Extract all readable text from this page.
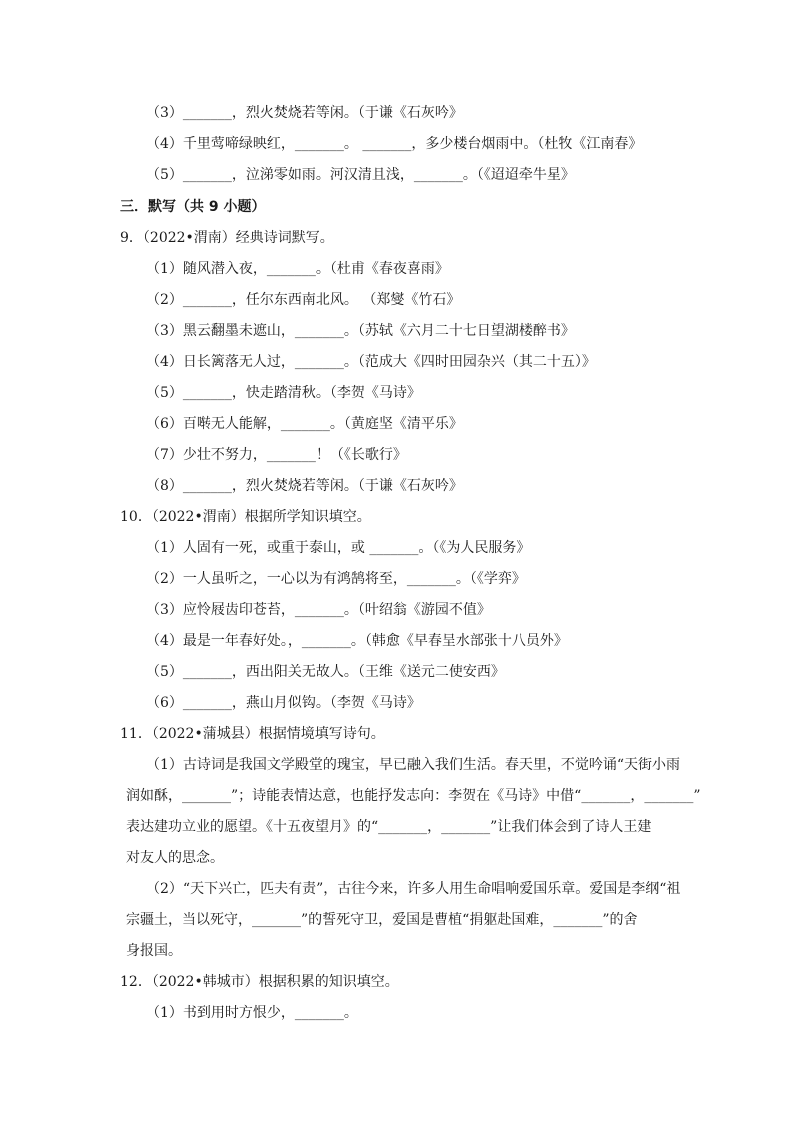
（3）_______，烈火焚烧若等闲。（于谦《石灰吟》
（4）千里莺啼绿映红，_______。 _______，多少楼台烟雨中。（杜牧《江南春》
（5）_______，泣涕零如雨。河汉清且浅，_______。（《迢迢牵牛星》
三．默写（共 9 小题）
9．（2022•渭南）经典诗词默写。
（1）随风潜入夜，_______。（杜甫《春夜喜雨》
（2）_______，任尔东西南北风。 （郑燮《竹石》
（3）黑云翻墨未遮山，_______。（苏轼《六月二十七日望湖楼醉书》
（4）日长篱落无人过，_______。（范成大《四时田园杂兴（其二十五）》
（5）_______，快走踏清秋。（李贺《马诗》
（6）百啭无人能解，_______。（黄庭坚《清平乐》
（7）少壮不努力，_______！（《长歌行》
（8）_______，烈火焚烧若等闲。（于谦《石灰吟》
10．（2022•渭南）根据所学知识填空。
（1）人固有一死，或重于泰山，或 _______。（《为人民服务》
（2）一人虽听之，一心以为有鸿鹄将至，_______。（《学弈》
（3）应怜屐齿印苍苔，_______。（叶绍翁《游园不值》
（4）最是一年春好处。，_______。（韩愈《早春呈水部张十八员外》
（5）_______，西出阳关无故人。（王维《送元二使安西》
（6）_______，燕山月似钩。（李贺《马诗》
11．（2022•蒲城县）根据情境填写诗句。
（1）古诗词是我国文学殿堂的瑰宝，早已融入我们生活。春天里，不觉吟诵“天街小雨
润如酥，_______”；诗能表情达意，也能抒发志向：李贺在《马诗》中借“_______，_______”
表达建功立业的愿望。《十五夜望月》的“_______，_______”让我们体会到了诗人王建
对友人的思念。
（2）“天下兴亡，匹夫有责”，古往今来，许多人用生命唱响爱国乐章。爱国是李纲“祖
宗疆土，当以死守，_______”的誓死守卫，爱国是曹植“捐躯赴国难，_______”的舍
身报国。
12．（2022•韩城市）根据积累的知识填空。
（1）书到用时方恨少，_______。
